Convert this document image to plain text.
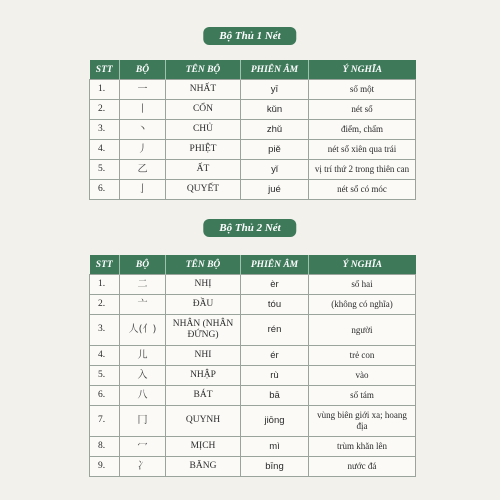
Bộ Thủ 1 Nét
STT	BỘ	TÊN BỘ	PHIÊN ÂM	Ý NGHĨA
1.	一	NHẤT	yī	số một
2.	丨	CỔN	kǔn	nét sổ
3.	丶	CHỦ	zhǔ	điểm, chấm
4.	丿	PHIỆT	piě	nét sổ xiên qua trái
5.	乙	ẤT	yǐ	vị trí thứ 2 trong thiên can
6.	亅	QUYẾT	jué	nét sổ có móc
Bộ Thủ 2 Nét
STT	BỘ	TÊN BỘ	PHIÊN ÂM	Ý NGHĨA
1.	二	NHỊ	èr	số hai
2.	亠	ĐẦU	tóu	(không có nghĩa)
3.	人(亻)	NHÂN (NHÂN ĐỨNG)	rén	người
4.	儿	NHI	ér	trẻ con
5.	入	NHẬP	rù	vào
6.	八	BÁT	bā	số tám
7.	冂	QUYNH	jiōng	vùng biên giới xa; hoang địa
8.	冖	MỊCH	mì	trùm khăn lên
9.	冫	BĂNG	bīng	nước đá
